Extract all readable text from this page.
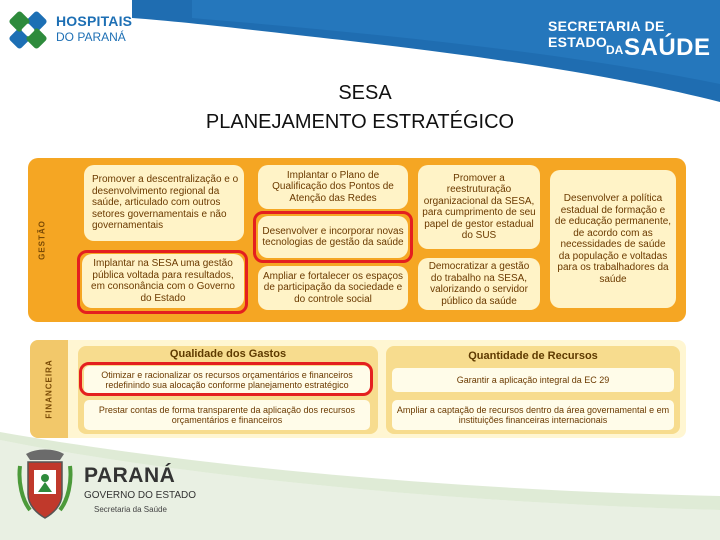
HOSPITAIS
DO PARANÁ
SECRETARIA DE ESTADO
DA SAÚDE
SESA
PLANEJAMENTO ESTRATÉGICO
GESTÃO
Promover a descentralização e o desenvolvimento regional da saúde, articulado com outros setores governamentais e não governamentais
Implantar na SESA uma gestão pública voltada para resultados, em consonância com o Governo do Estado
Implantar o Plano de Qualificação dos Pontos de Atenção das Redes
Desenvolver e incorporar novas tecnologias de gestão da saúde
Ampliar e fortalecer os espaços de participação da sociedade e do controle social
Promover a reestruturação organizacional da SESA, para cumprimento de seu papel de gestor estadual do SUS
Democratizar a gestão do trabalho na SESA, valorizando o servidor público da saúde
Desenvolver a política estadual de formação e de educação permanente, de acordo com as necessidades de saúde da população e voltadas para os trabalhadores da saúde
FINANCEIRA
Qualidade dos Gastos
Otimizar e racionalizar os recursos orçamentários e financeiros redefinindo sua alocação conforme planejamento estratégico
Prestar contas de forma transparente da aplicação dos recursos orçamentários e financeiros
Quantidade de Recursos
Garantir a aplicação integral da EC 29
Ampliar a captação de recursos dentro da área governamental e em instituições financeiras internacionais
PARANÁ
GOVERNO DO ESTADO
Secretaria da Saúde
